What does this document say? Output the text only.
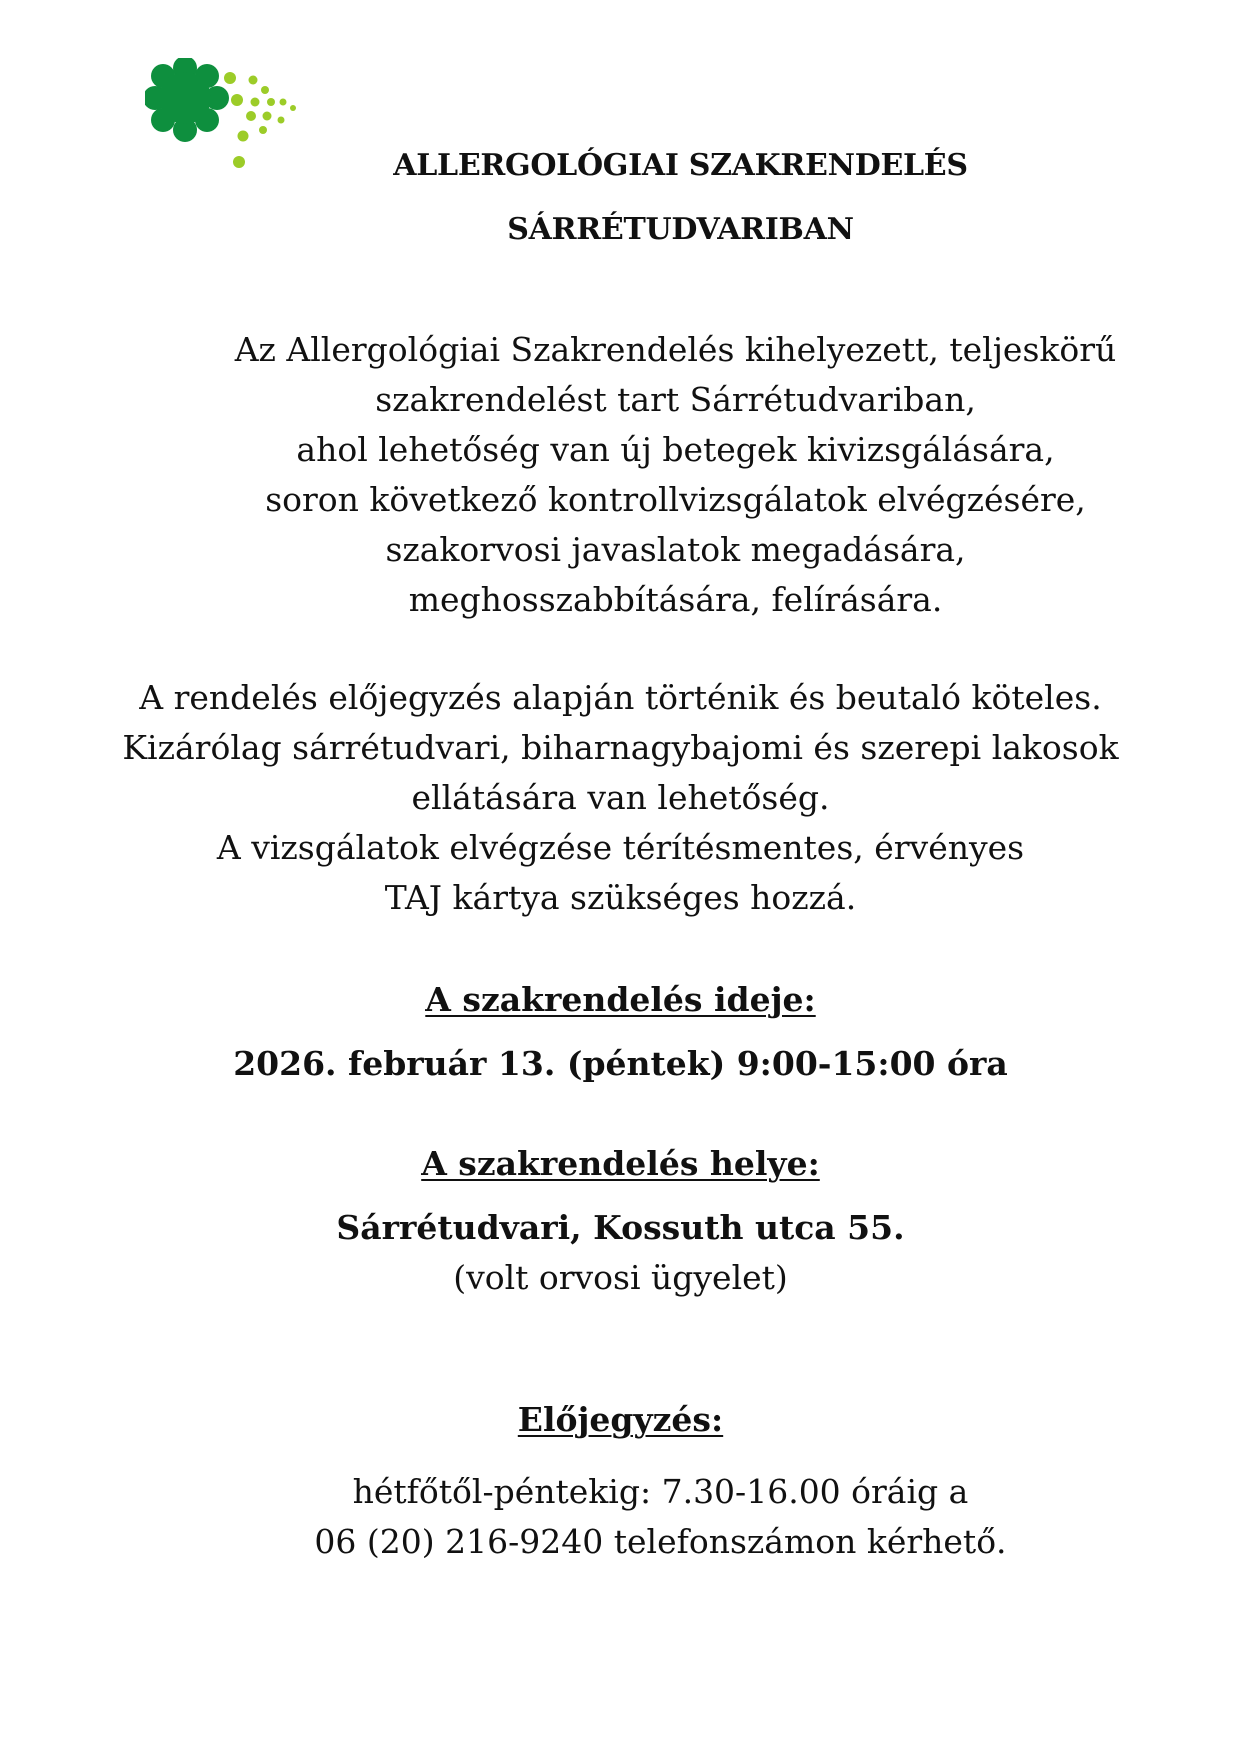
ALLERGOLÓGIAI SZAKRENDELÉS
SÁRRÉTUDVARIBAN
Az Allergológiai Szakrendelés kihelyezett, teljeskörű
szakrendelést tart Sárrétudvariban,
ahol lehetőség van új betegek kivizsgálására,
soron következő kontrollvizsgálatok elvégzésére,
szakorvosi javaslatok megadására,
meghosszabbítására, felírására.
A rendelés előjegyzés alapján történik és beutaló köteles.
Kizárólag sárrétudvari, biharnagybajomi és szerepi lakosok
ellátására van lehetőség.
A vizsgálatok elvégzése térítésmentes, érvényes
TAJ kártya szükséges hozzá.
A szakrendelés ideje:
2026. február 13. (péntek) 9:00-15:00 óra
A szakrendelés helye:
Sárrétudvari, Kossuth utca 55.
(volt orvosi ügyelet)
Előjegyzés:
hétfőtől-péntekig: 7.30-16.00 óráig a
06 (20) 216-9240 telefonszámon kérhető.
